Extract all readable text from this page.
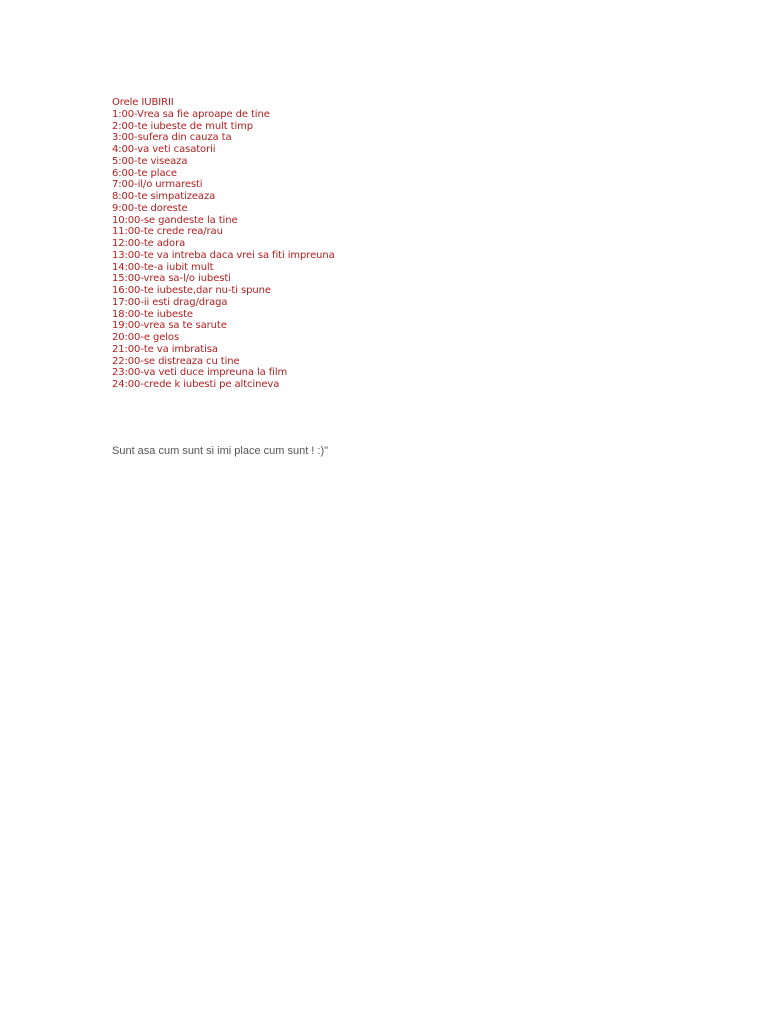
Orele IUBIRII
1:00-Vrea sa fie aproape de tine
2:00-te iubeste de mult timp
3:00-sufera din cauza ta
4:00-va veti casatorii
5:00-te viseaza
6:00-te place
7:00-il/o urmaresti
8:00-te simpatizeaza
9:00-te doreste
10:00-se gandeste la tine
11:00-te crede rea/rau
12:00-te adora
13:00-te va intreba daca vrei sa fiti impreuna
14:00-te-a iubit mult
15:00-vrea sa-l/o iubesti
16:00-te iubeste,dar nu-ti spune
17:00-ii esti drag/draga
18:00-te iubeste
19:00-vrea sa te sarute
20:00-e gelos
21:00-te va imbratisa
22:00-se distreaza cu tine
23:00-va veti duce impreuna la film
24:00-crede k iubesti pe altcineva
Sunt asa cum sunt si imi place cum sunt ! :)"
